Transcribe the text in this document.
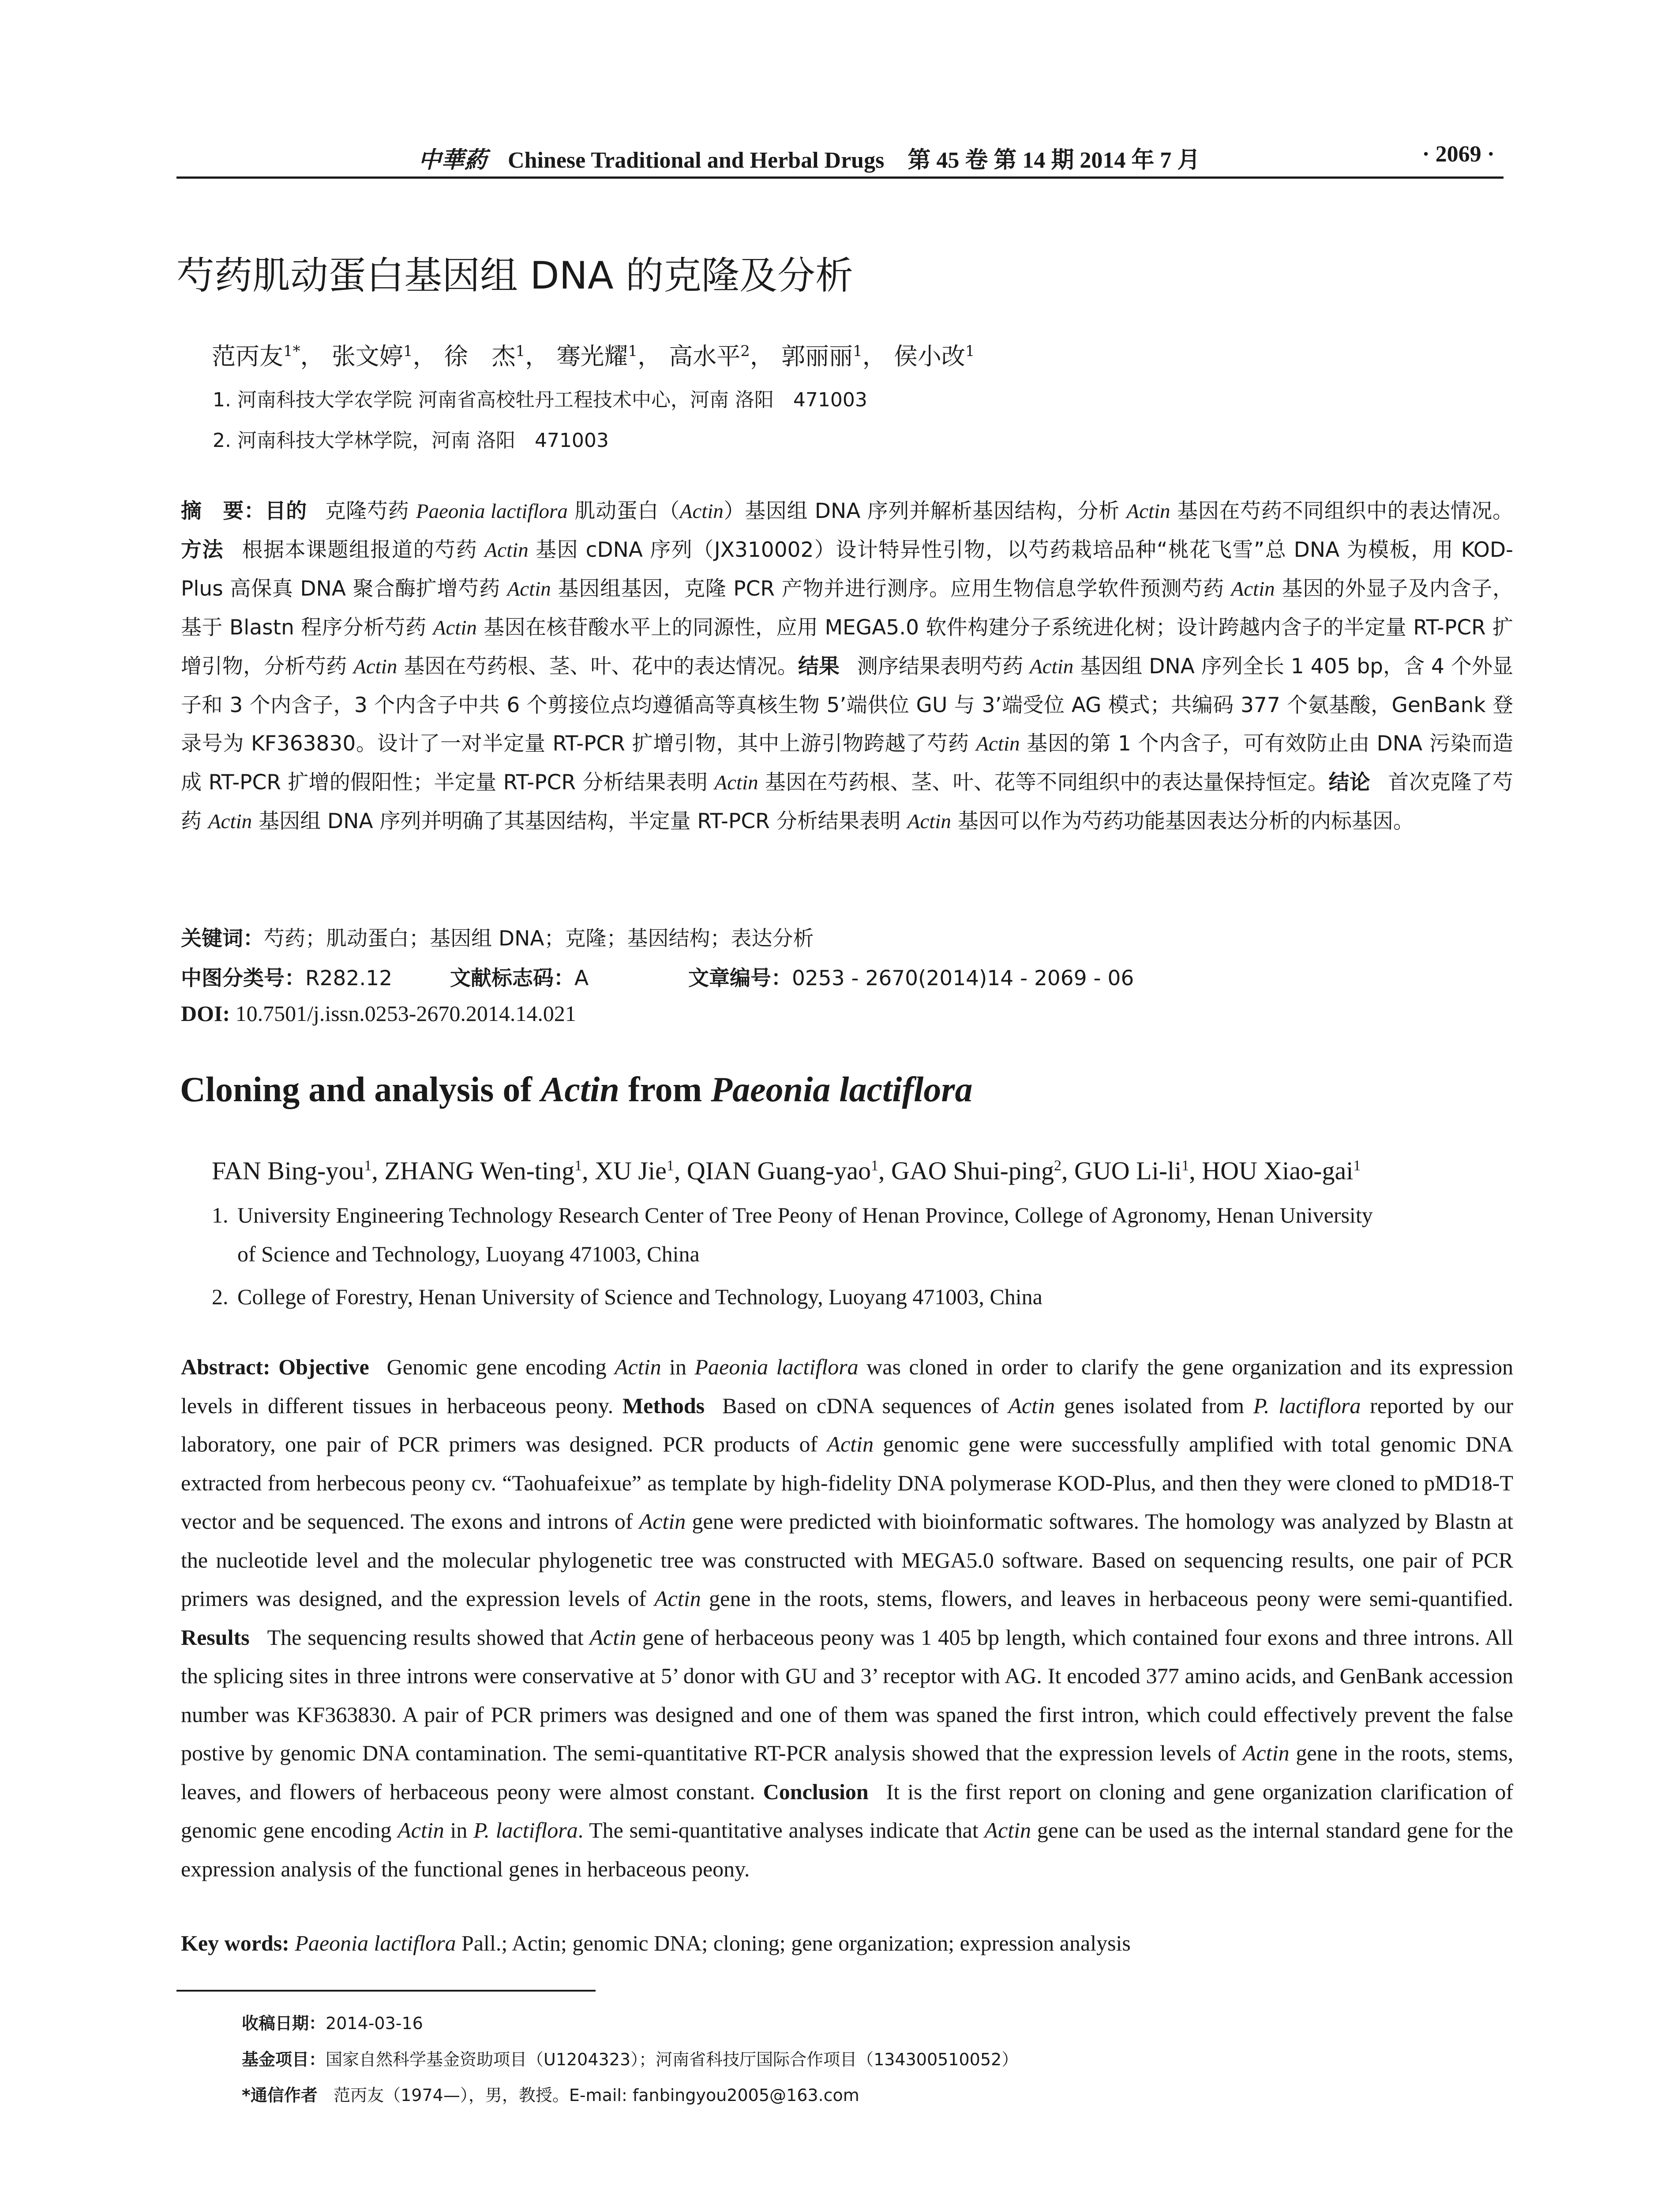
中華葯 Chinese Traditional and Herbal Drugs 第 45 卷 第 14 期 2014 年 7 月	· 2069 ·
芍药肌动蛋白基因组 DNA 的克隆及分析
范丙友$^{1*}$， 张文婷$^1$， 徐　杰$^1$， 骞光耀$^1$， 高水平$^2$， 郭丽丽$^1$， 侯小改$^1$
1. 河南科技大学农学院 河南省高校牡丹工程技术中心，河南 洛阳　471003
2. 河南科技大学林学院，河南 洛阳　471003
摘　要：目的 克隆芍药 Paeonia lactiflora 肌动蛋白（Actin）基因组 DNA 序列并解析基因结构，分析 Actin 基因在芍药不同组织中的表达情况。方法 根据本课题组报道的芍药 Actin 基因 cDNA 序列（JX310002）设计特异性引物，以芍药栽培品种“桃花飞雪”总 DNA 为模板，用 KOD-Plus 高保真 DNA 聚合酶扩增芍药 Actin 基因组基因，克隆 PCR 产物并进行测序。应用生物信息学软件预测芍药 Actin 基因的外显子及内含子，基于 Blastn 程序分析芍药 Actin 基因在核苷酸水平上的同源性，应用 MEGA5.0 软件构建分子系统进化树；设计跨越内含子的半定量 RT-PCR 扩增引物，分析芍药 Actin 基因在芍药根、茎、叶、花中的表达情况。结果 测序结果表明芍药 Actin 基因组 DNA 序列全长 1 405 bp，含 4 个外显子和 3 个内含子，3 个内含子中共 6 个剪接位点均遵循高等真核生物 5’端供位 GU 与 3’端受位 AG 模式；共编码 377 个氨基酸，GenBank 登录号为 KF363830。设计了一对半定量 RT-PCR 扩增引物，其中上游引物跨越了芍药 Actin 基因的第 1 个内含子，可有效防止由 DNA 污染而造成 RT-PCR 扩增的假阳性；半定量 RT-PCR 分析结果表明 Actin 基因在芍药根、茎、叶、花等不同组织中的表达量保持恒定。结论 首次克隆了芍药 Actin 基因组 DNA 序列并明确了其基因结构，半定量 RT-PCR 分析结果表明 Actin 基因可以作为芍药功能基因表达分析的内标基因。
关键词：芍药；肌动蛋白；基因组 DNA；克隆；基因结构；表达分析
中图分类号：R282.12	文献标志码：A	文章编号：0253 - 2670(2014)14 - 2069 - 06
DOI: 10.7501/j.issn.0253-2670.2014.14.021
Cloning and analysis of Actin from Paeonia lactiflora
FAN Bing-you$^1$, ZHANG Wen-ting$^1$, XU Jie$^1$, QIAN Guang-yao$^1$, GAO Shui-ping$^2$, GUO $Li-li^1$, HOU Xiao-gai$^1$
1. University Engineering Technology Research Center of Tree Peony of Henan Province, College of Agronomy, Henan University
of Science and Technology, Luoyang 471003, China
2. College of Forestry, Henan University of Science and Technology, Luoyang 471003, China
Abstract: Objective Genomic gene encoding Actin in Paeonia lactiflora was cloned in order to clarify the gene organization and its expression levels in different tissues in herbaceous peony. Methods Based on cDNA sequences of Actin genes isolated from P. lactiflora reported by our laboratory, one pair of PCR primers was designed. PCR products of Actin genomic gene were successfully amplified with total genomic DNA extracted from herbecous peony cv. “Taohuafeixue” as template by high-fidelity DNA polymerase KOD-Plus, and then they were cloned to pMD18-T vector and be sequenced. The exons and introns of Actin gene were predicted with bioinformatic softwares. The homology was analyzed by Blastn at the nucleotide level and the molecular phylogenetic tree was constructed with MEGA5.0 software. Based on sequencing results, one pair of PCR primers was designed, and the expression levels of Actin gene in the roots, stems, flowers, and leaves in herbaceous peony were semi-quantified. Results The sequencing results showed that Actin gene of herbaceous peony was 1 405 bp length, which contained four exons and three introns. All the splicing sites in three introns were conservative at 5’ donor with GU and 3’ receptor with AG. It encoded 377 amino acids, and GenBank accession number was KF363830. A pair of PCR primers was designed and one of them was spaned the first intron, which could effectively prevent the false postive by genomic DNA contamination. The semi-quantitative RT-PCR analysis showed that the expression levels of Actin gene in the roots, stems, leaves, and flowers of herbaceous peony were almost constant. Conclusion It is the first report on cloning and gene organization clarification of genomic gene encoding Actin in P. lactiflora. The semi-quantitative analyses indicate that Actin gene can be used as the internal standard gene for the expression analysis of the functional genes in herbaceous peony.
Key words: Paeonia lactiflora Pall.; Actin; genomic DNA; cloning; gene organization; expression analysis
收稿日期：2014-03-16
基金项目：国家自然科学基金资助项目（U1204323）；河南省科技厅国际合作项目（134300510052）
*通信作者 范丙友（1974—），男，教授。E-mail: fanbingyou2005@163.com
